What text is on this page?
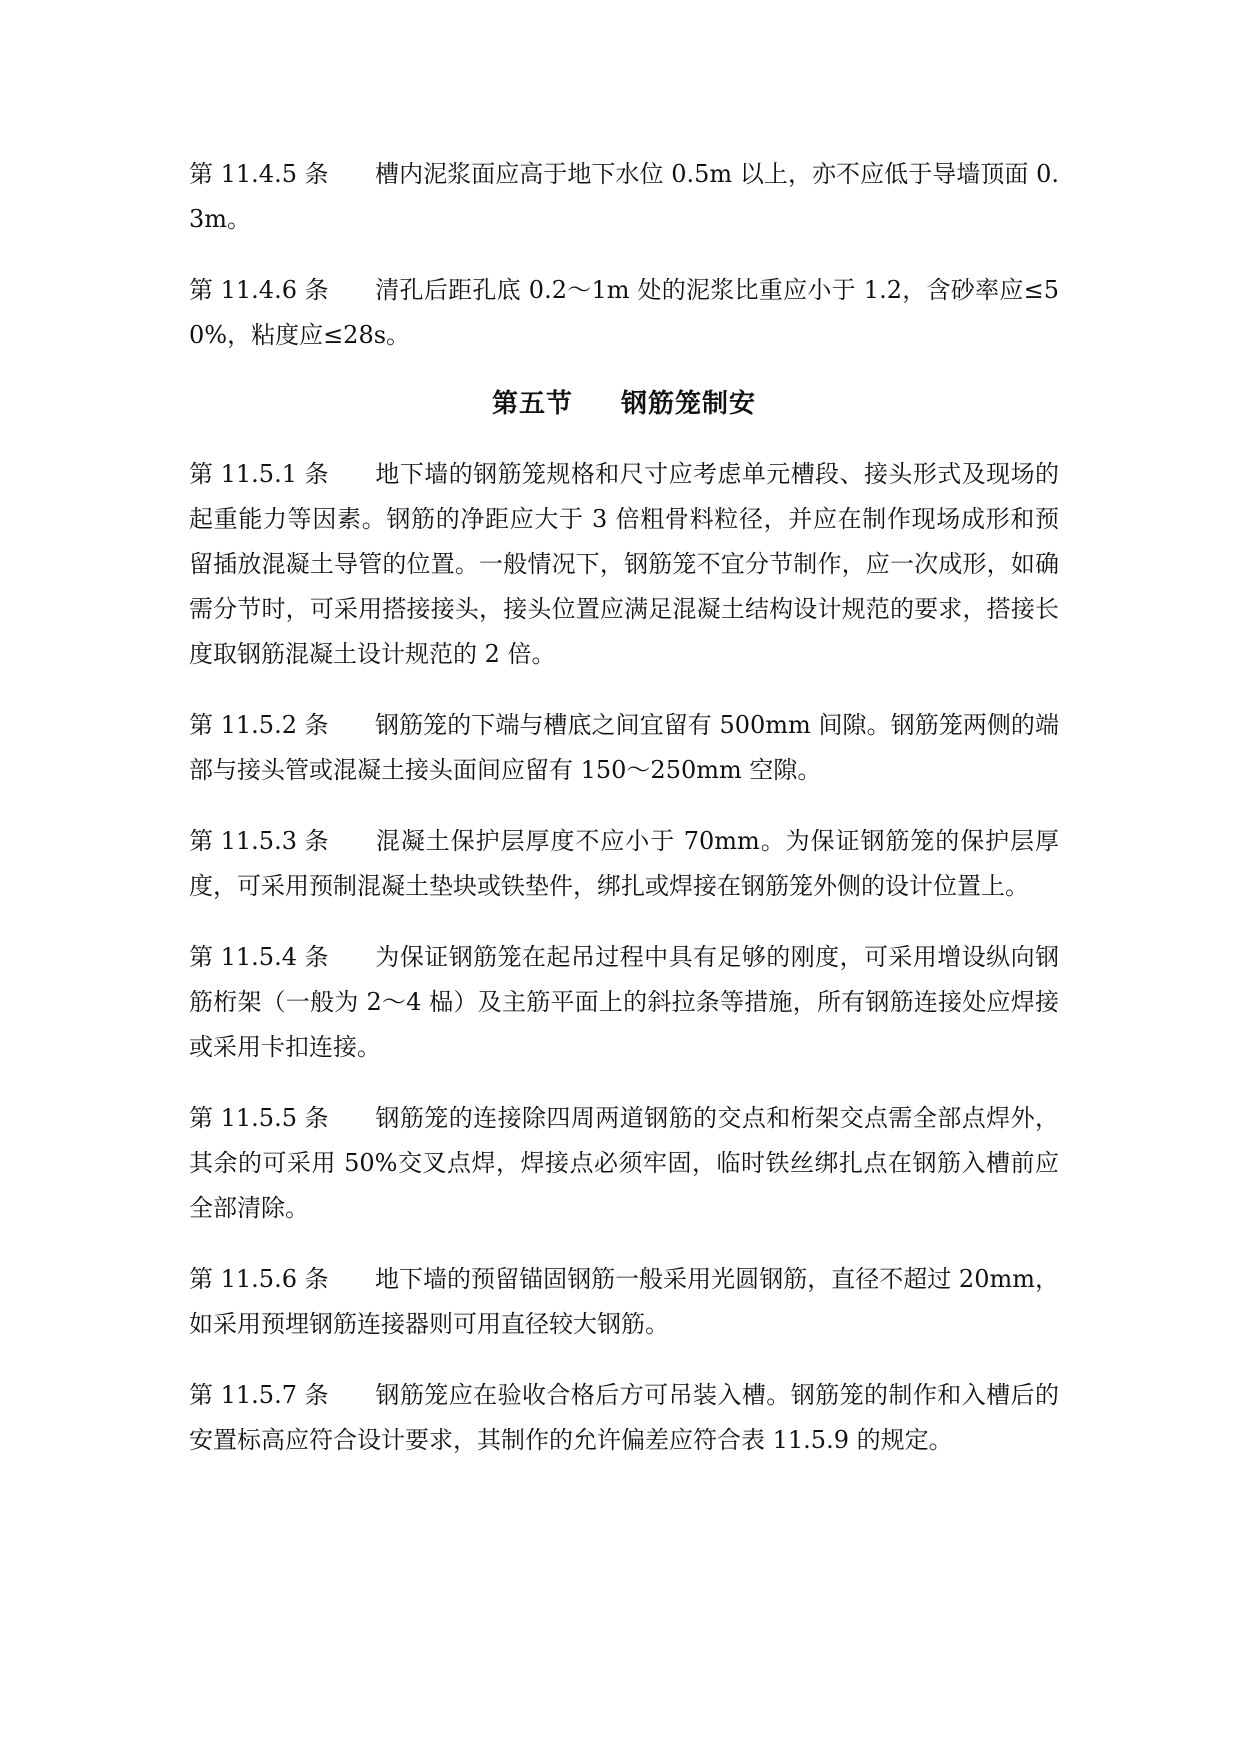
第 11.4.5 条 槽内泥浆面应高于地下水位 0.5m 以上，亦不应低于导墙顶面 0.3m。

第 11.4.6 条 清孔后距孔底 0.2～1m 处的泥浆比重应小于 1.2，含砂率应≤50%，粘度应≤28s。

第五节 钢筋笼制安

第 11.5.1 条 地下墙的钢筋笼规格和尺寸应考虑单元槽段、接头形式及现场的起重能力等因素。钢筋的净距应大于 3 倍粗骨料粒径，并应在制作现场成形和预留插放混凝土导管的位置。一般情况下，钢筋笼不宜分节制作，应一次成形，如确需分节时，可采用搭接接头，接头位置应满足混凝土结构设计规范的要求，搭接长度取钢筋混凝土设计规范的 2 倍。

第 11.5.2 条 钢筋笼的下端与槽底之间宜留有 500mm 间隙。钢筋笼两侧的端部与接头管或混凝土接头面间应留有 150～250mm 空隙。

第 11.5.3 条 混凝土保护层厚度不应小于 70mm。为保证钢筋笼的保护层厚度，可采用预制混凝土垫块或铁垫件，绑扎或焊接在钢筋笼外侧的设计位置上。

第 11.5.4 条 为保证钢筋笼在起吊过程中具有足够的刚度，可采用增设纵向钢筋桁架（一般为 2～4 榀）及主筋平面上的斜拉条等措施，所有钢筋连接处应焊接或采用卡扣连接。

第 11.5.5 条 钢筋笼的连接除四周两道钢筋的交点和桁架交点需全部点焊外，其余的可采用 50%交叉点焊，焊接点必须牢固，临时铁丝绑扎点在钢筋入槽前应全部清除。

第 11.5.6 条 地下墙的预留锚固钢筋一般采用光圆钢筋，直径不超过 20mm，如采用预埋钢筋连接器则可用直径较大钢筋。

第 11.5.7 条 钢筋笼应在验收合格后方可吊装入槽。钢筋笼的制作和入槽后的安置标高应符合设计要求，其制作的允许偏差应符合表 11.5.9 的规定。
